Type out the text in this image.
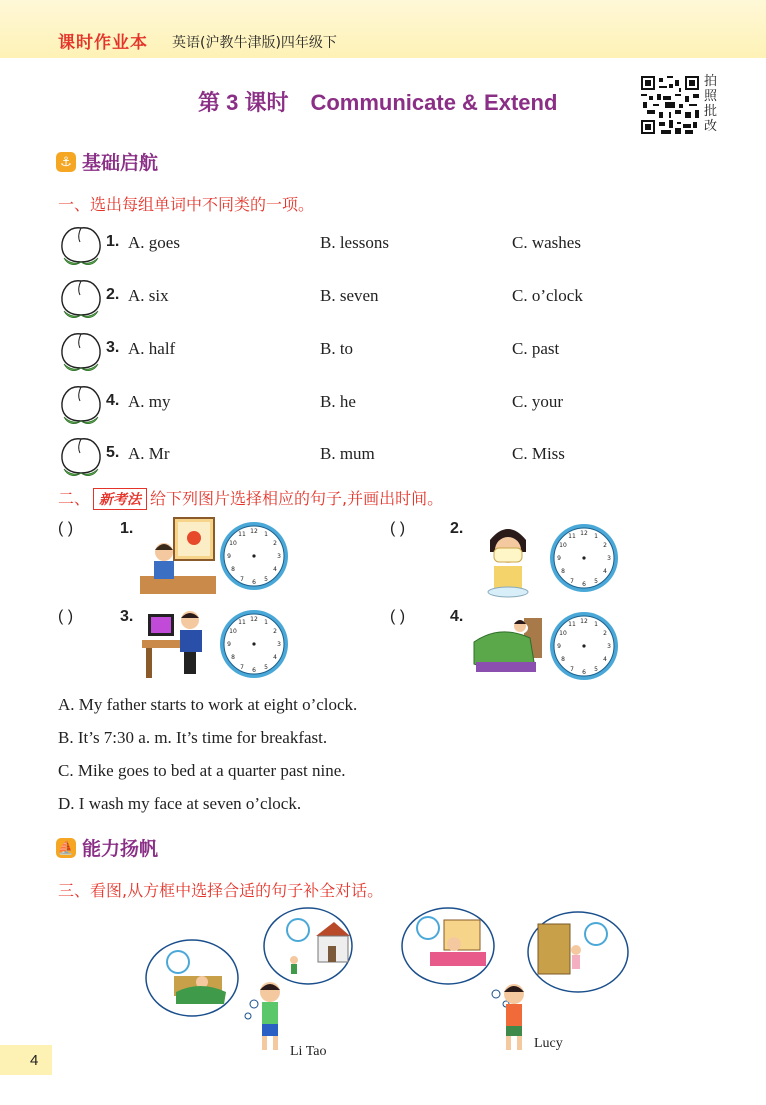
课时作业本 英语(沪教牛津版)四年级下
第 3 课时 Communicate & Extend
拍照批改
⚓ 基础启航
一、选出每组单词中不同类的一项。
1. A. goes	B. lessons	C. washes
2. A. six	B. seven	C. o’clock
3. A. half	B. to	C. past
4. A. my	B. he	C. your
5. A. Mr	B. mum	C. Miss
二、 新考法 给下列图片选择相应的句子,并画出时间。
( )	1.	( )	2.
( )	3.	( )	4.
A. My father starts to work at eight o’clock.
B. It’s 7:30 a. m. It’s time for breakfast.
C. Mike goes to bed at a quarter past nine.
D. I wash my face at seven o’clock.
⛵ 能力扬帆
三、看图,从方框中选择合适的句子补全对话。
Li Tao
Lucy
4
